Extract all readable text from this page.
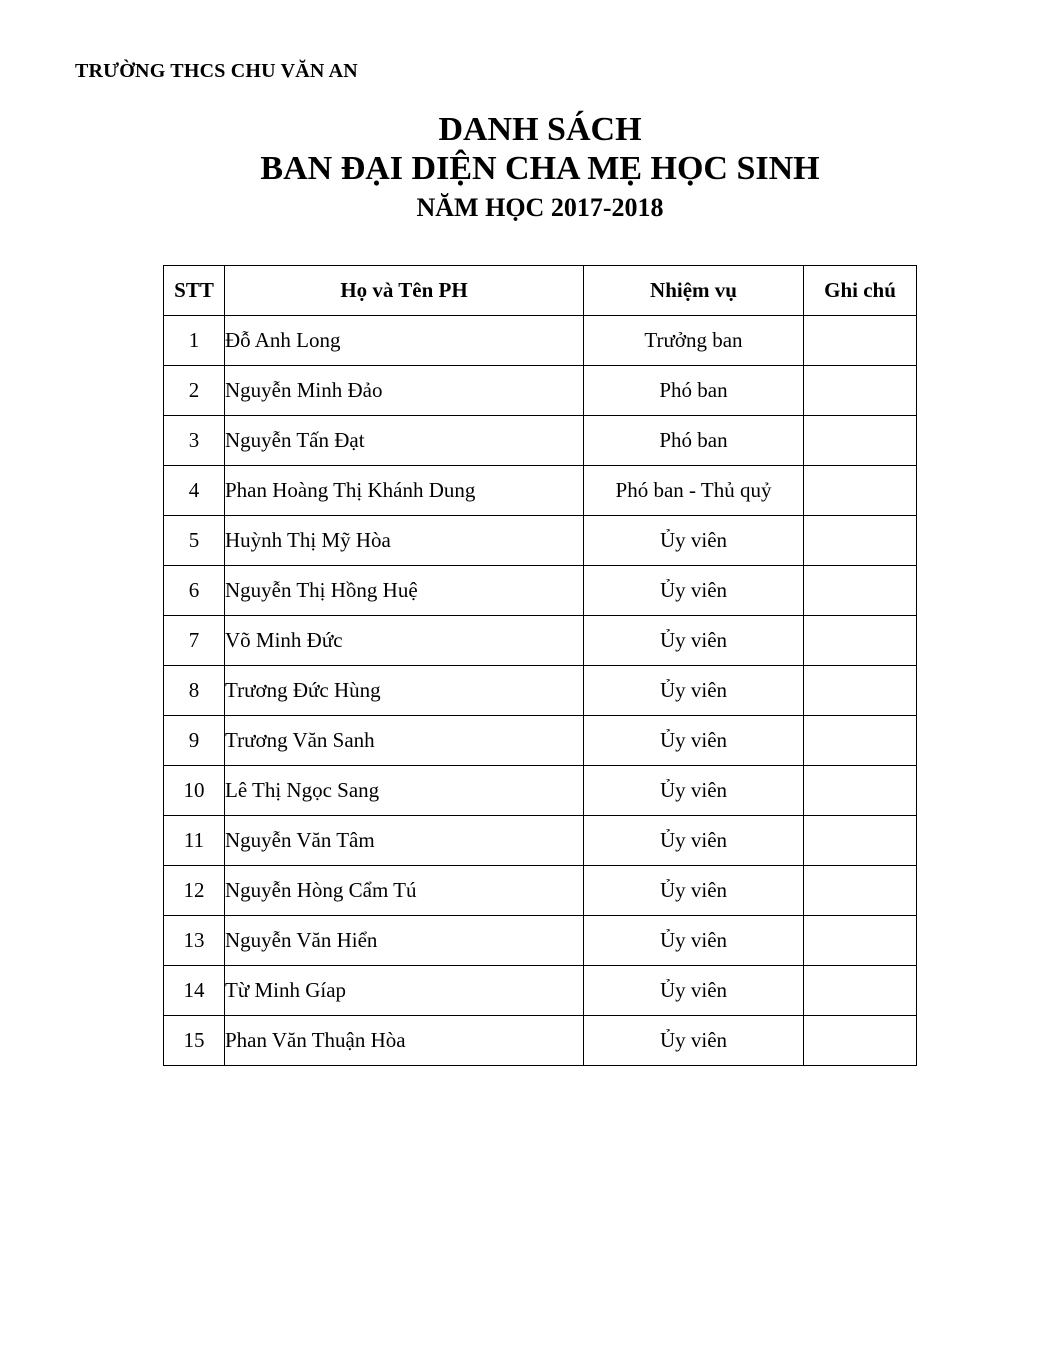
TRƯỜNG THCS CHU VĂN AN
DANH SÁCH
BAN ĐẠI DIỆN CHA MẸ HỌC SINH
NĂM HỌC 2017-2018
STT	Họ và Tên PH	Nhiệm vụ	Ghi chú
1	Đỗ Anh Long	Trưởng ban	
2	Nguyễn Minh Đảo	Phó ban	
3	Nguyễn Tấn Đạt	Phó ban	
4	Phan Hoàng Thị Khánh Dung	Phó ban - Thủ quỷ	
5	Huỳnh Thị Mỹ Hòa	Ủy viên	
6	Nguyễn Thị Hồng Huệ	Ủy viên	
7	Võ Minh Đức	Ủy viên	
8	Trương Đức Hùng	Ủy viên	
9	Trương Văn Sanh	Ủy viên	
10	Lê Thị Ngọc Sang	Ủy viên	
11	Nguyễn Văn Tâm	Ủy viên	
12	Nguyễn Hòng Cẩm Tú	Ủy viên	
13	Nguyễn Văn Hiển	Ủy viên	
14	Từ Minh Gíap	Ủy viên	
15	Phan Văn Thuận Hòa	Ủy viên	
